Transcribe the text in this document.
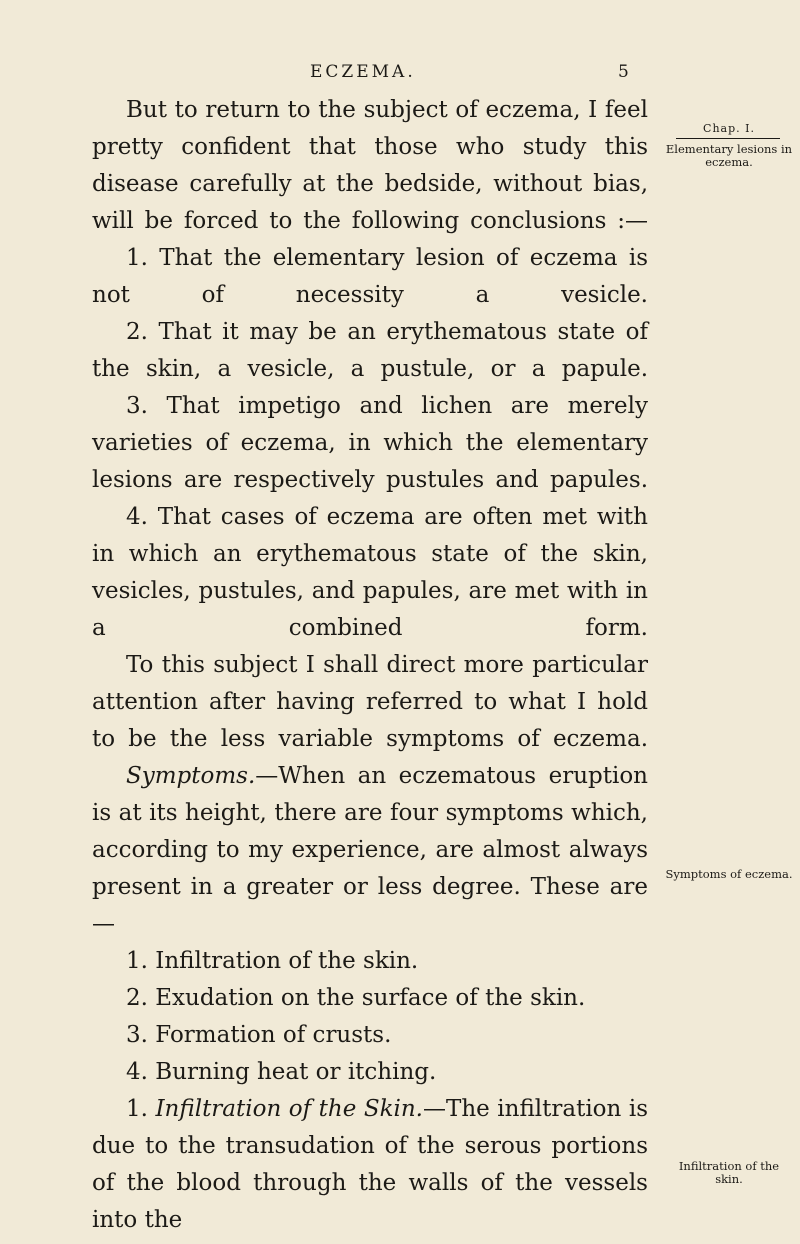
ECZEMA.	5
Chap. I.
Elementary lesions in eczema.
Symptoms of eczema.
Infiltration of the skin.

But to return to the subject of eczema, I feel pretty confident that those who study this disease carefully at the bedside, without bias, will be forced to the following conclusions :—

1. That the elementary lesion of eczema is not of necessity a vesicle.

2. That it may be an erythematous state of the skin, a vesicle, a pustule, or a papule.

3. That impetigo and lichen are merely varieties of eczema, in which the elementary lesions are respectively pustules and papules.

4. That cases of eczema are often met with in which an erythematous state of the skin, vesicles, pustules, and papules, are met with in a combined form.

To this subject I shall direct more particular attention after having referred to what I hold to be the less variable symptoms of eczema.

Symptoms.—When an eczematous eruption is at its height, there are four symptoms which, according to my experience, are almost always present in a greater or less degree. These are—

1. Infiltration of the skin.

2. Exudation on the surface of the skin.

3. Formation of crusts.

4. Burning heat or itching.

1. Infiltration of the Skin.—The infiltration is due to the transudation of the serous portions of the blood through the walls of the vessels into the
